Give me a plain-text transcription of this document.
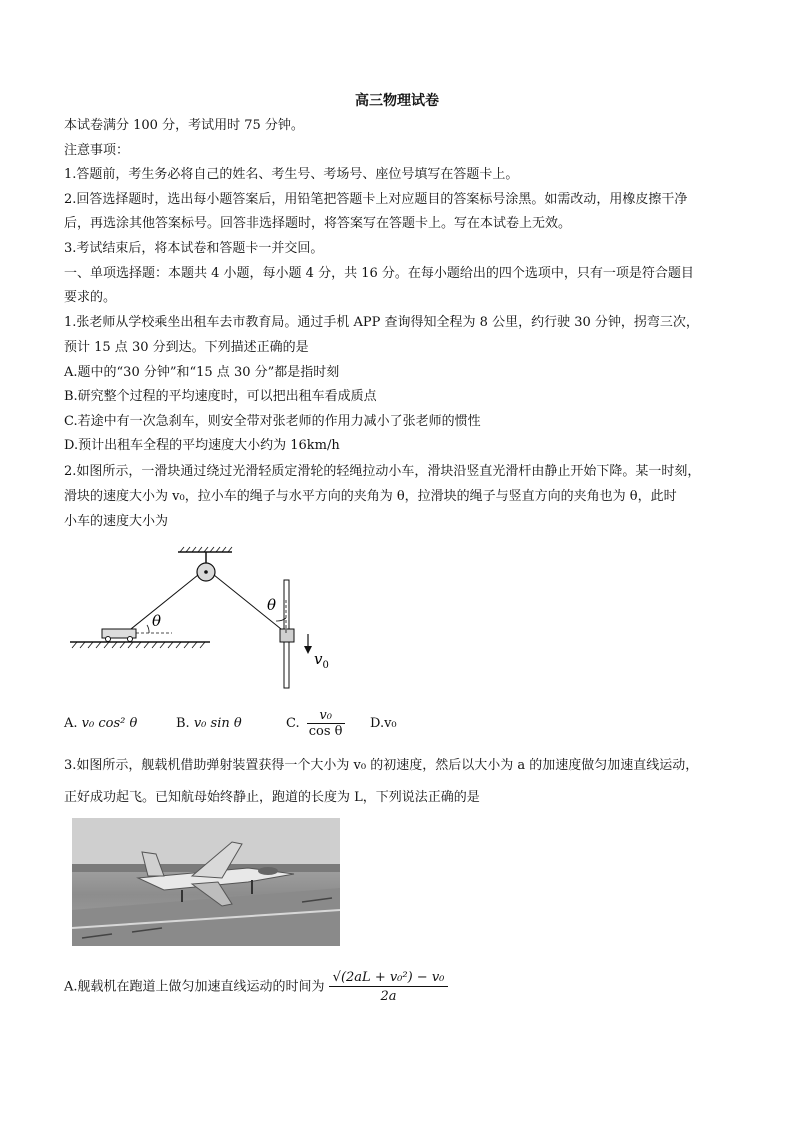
高三物理试卷
本试卷满分 100 分，考试用时 75 分钟。
注意事项：
1.答题前，考生务必将自己的姓名、考生号、考场号、座位号填写在答题卡上。
2.回答选择题时，选出每小题答案后，用铅笔把答题卡上对应题目的答案标号涂黑。如需改动，用橡皮擦干净
后，再选涂其他答案标号。回答非选择题时，将答案写在答题卡上。写在本试卷上无效。
3.考试结束后，将本试卷和答题卡一并交回。
一、单项选择题：本题共 4 小题，每小题 4 分，共 16 分。在每小题给出的四个选项中，只有一项是符合题目
要求的。
1.张老师从学校乘坐出租车去市教育局。通过手机 APP 查询得知全程为 8 公里，约行驶 30 分钟，拐弯三次，
预计 15 点 30 分到达。下列描述正确的是
A.题中的“30 分钟”和“15 点 30 分”都是指时刻
B.研究整个过程的平均速度时，可以把出租车看成质点
C.若途中有一次急刹车，则安全带对张老师的作用力减小了张老师的惯性
D.预计出租车全程的平均速度大小约为 16km/h
2.如图所示，一滑块通过绕过光滑轻质定滑轮的轻绳拉动小车，滑块沿竖直光滑杆由静止开始下降。某一时刻，
滑块的速度大小为 v₀，拉小车的绳子与水平方向的夹角为 θ，拉滑块的绳子与竖直方向的夹角也为 θ，此时
小车的速度大小为
θ
θ
$v_0$
A. v₀ cos² θ	B. v₀ sin θ	C. $\frac{\text{v₀}}{\text{cos θ}} D.v_0$
3.如图所示，舰载机借助弹射装置获得一个大小为 v₀ 的初速度，然后以大小为 a 的加速度做匀加速直线运动，
正好成功起飞。已知航母始终静止，跑道的长度为 L，下列说法正确的是
A.舰载机在跑道上做匀加速直线运动的时间为 $\frac{\text{√(2aL + v₀²) − v₀}}{2a}$
